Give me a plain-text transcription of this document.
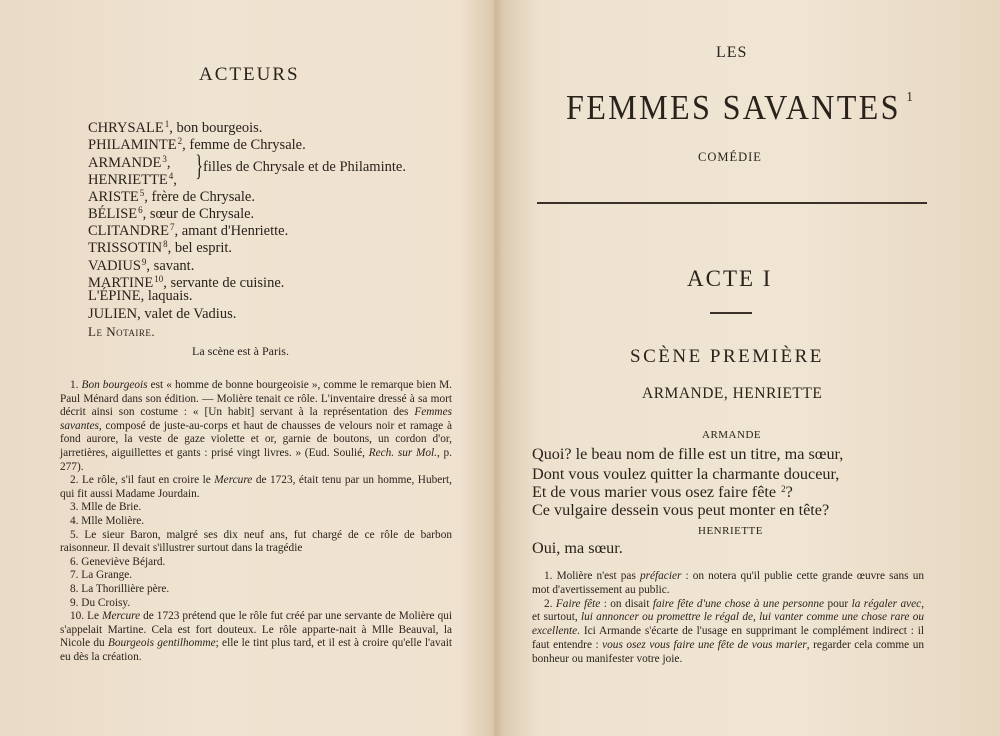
ACTEURS
CHRYSALE$^1$, bon bourgeois.
PHILAMINTE$^2$, femme de Chrysale.
ARMANDE$^3$,
HENRIETTE$^4$, } filles de Chrysale et de Philaminte.
ARISTE$^5$, frère de Chrysale.
BÉLISE$^6$, sœur de Chrysale.
CLITANDRE$^7$, amant d'Henriette.
TRISSOTIN$^8$, bel esprit.
VADIUS$^9$, savant.
MARTINE$^{10}$, servante de cuisine.
L'ÉPINE, laquais.
JULIEN, valet de Vadius.
Le Notaire.
La scène est à Paris.
1. Bon bourgeois est « homme de bonne bourgeoisie », comme le remarque bien M. Paul Ménard dans son édition. — Molière tenait ce rôle. L'inventaire dressé à sa mort décrit ainsi son costume : « [Un habit] servant à la représentation des Femmes savantes, composé de juste-au-corps et haut de chausses de velours noir et ramage à fond aurore, la veste de gaze violette et or, garnie de boutons, un cordon d'or, jarretières, aiguillettes et gants : prisé vingt livres. » (Eud. Soulié, Rech. sur Mol., p. 277).
2. Le rôle, s'il faut en croire le Mercure de 1723, était tenu par un homme, Hubert, qui fit aussi Madame Jourdain.
3. Mlle de Brie.
4. Mlle Molière.
5. Le sieur Baron, malgré ses dix neuf ans, fut chargé de ce rôle de barbon raisonneur. Il devait s'illustrer surtout dans la tragédie
6. Geneviève Béjard.
7. La Grange.
8. La Thorillière père.
9. Du Croisy.
10. Le Mercure de 1723 prétend que le rôle fut créé par une servante de Molière qui s'appelait Martine. Cela est fort douteux. Le rôle apparte-nait à Mlle Beauval, la Nicole du Bourgeois gentilhomme; elle le tint plus tard, et il est à croire qu'elle l'avait eu dès la création.
LES
FEMMES SAVANTES $^1$
COMÉDIE
ACTE I
SCÈNE PREMIÈRE
ARMANDE, HENRIETTE
ARMANDE
Quoi? le beau nom de fille est un titre, ma sœur,
Dont vous voulez quitter la charmante douceur,
Et de vous marier vous osez faire fête $^2$?
Ce vulgaire dessein vous peut monter en tête?
HENRIETTE
Oui, ma sœur.
1. Molière n'est pas préfacier : on notera qu'il publie cette grande œuvre sans un mot d'avertissement au public.
2. Faire fête : on disait faire fête d'une chose à une personne pour la régaler avec, et surtout, lui annoncer ou promettre le régal de, lui vanter comme une chose rare ou excellente. Ici Armande s'écarte de l'usage en supprimant le complément indirect : il faut entendre : vous osez vous faire une fête de vous marier, regarder cela comme un bonheur ou manifester votre joie.
